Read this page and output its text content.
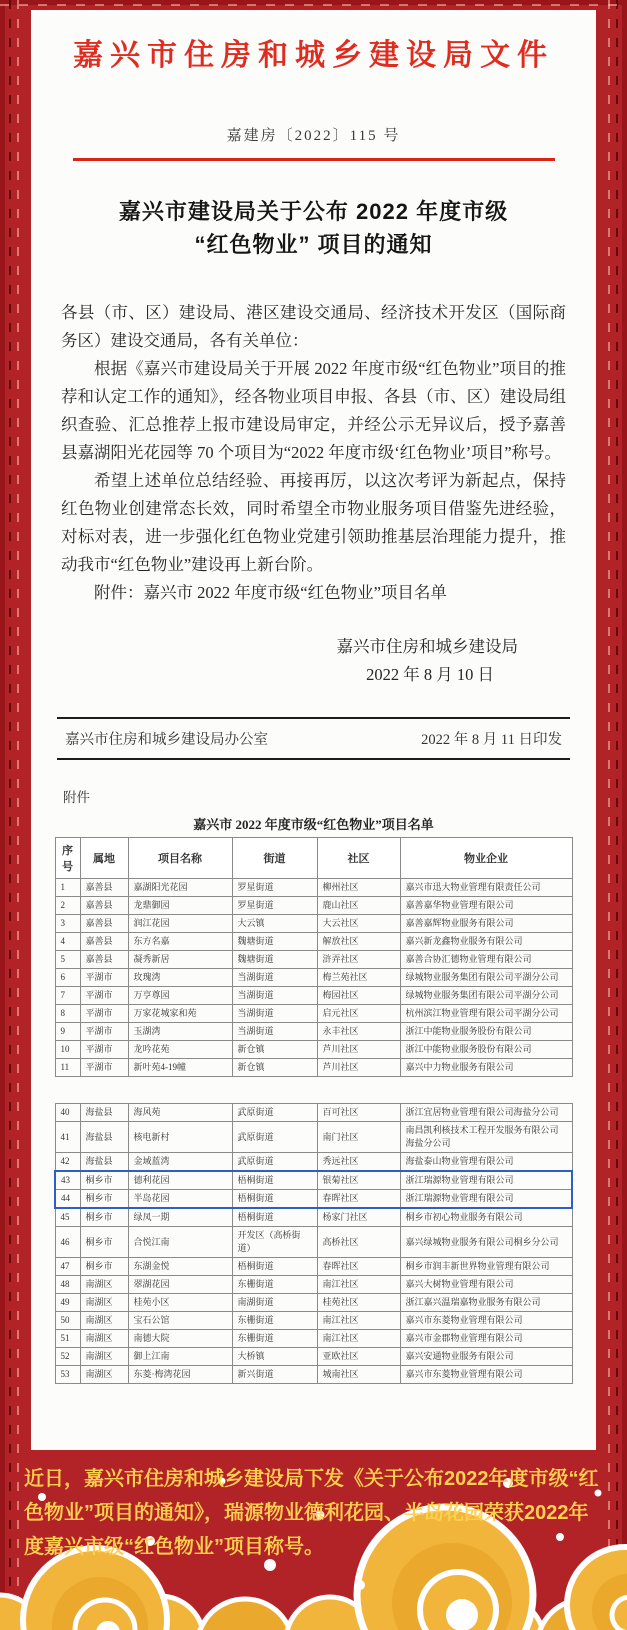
嘉兴市住房和城乡建设局文件
嘉建房〔2022〕115 号
嘉兴市建设局关于公布 2022 年度市级
“红色物业” 项目的通知

各县（市、区）建设局、港区建设交通局、经济技术开发区（国际商务区）建设交通局，各有关单位：

根据《嘉兴市建设局关于开展 2022 年度市级“红色物业”项目的推荐和认定工作的通知》，经各物业项目申报、各县（市、区）建设局组织查验、汇总推荐上报市建设局审定，并经公示无异议后，授予嘉善县嘉湖阳光花园等 70 个项目为“2022 年度市级‘红色物业’项目”称号。

希望上述单位总结经验、再接再厉，以这次考评为新起点，保持红色物业创建常态长效，同时希望全市物业服务项目借鉴先进经验，对标对表，进一步强化红色物业党建引领助推基层治理能力提升，推动我市“红色物业”建设再上新台阶。

附件：嘉兴市 2022 年度市级“红色物业”项目名单

嘉兴市住房和城乡建设局
2022 年 8 月 10 日
嘉兴市住房和城乡建设局办公室	2022 年 8 月 11 日印发
附件
嘉兴市 2022 年度市级“红色物业”项目名单
序号	属地	项目名称	街道	社区	物业企业
1	嘉善县	嘉湖阳光花园	罗星街道	柳州社区	嘉兴市迅大物业管理有限责任公司
2	嘉善县	龙鼎御园	罗星街道	鹿山社区	嘉善嘉华物业管理有限公司
3	嘉善县	润江花园	大云镇	大云社区	嘉善嘉辉物业服务有限公司
4	嘉善县	东方名嘉	魏塘街道	解放社区	嘉兴新龙鑫物业服务有限公司
5	嘉善县	凝秀新居	魏塘街道	浒弄社区	嘉善合协汇德物业管理有限公司
6	平湖市	玫瑰湾	当湖街道	梅兰苑社区	绿城物业服务集团有限公司平湖分公司
7	平湖市	万亨尊园	当湖街道	梅园社区	绿城物业服务集团有限公司平湖分公司
8	平湖市	万家花城家和苑	当湖街道	启元社区	杭州滨江物业管理有限公司平湖分公司
9	平湖市	玉湖湾	当湖街道	永丰社区	浙江中能物业服务股份有限公司
10	平湖市	龙吟花苑	新仓镇	芦川社区	浙江中能物业服务股份有限公司
11	平湖市	新叶苑4-19幢	新仓镇	芦川社区	嘉兴中力物业服务有限公司
40	海盐县	海风苑	武原街道	百可社区	浙江宜居物业管理有限公司海盐分公司
41	海盐县	核电新村	武原街道	南门社区	南昌凯利核技术工程开发服务有限公司海盐分公司
42	海盐县	金域蓝湾	武原街道	秀远社区	海盐泰山物业管理有限公司
43	桐乡市	德利花园	梧桐街道	银菊社区	浙江瑞源物业管理有限公司
44	桐乡市	半岛花园	梧桐街道	春晖社区	浙江瑞源物业管理有限公司
45	桐乡市	绿凤一期	梧桐街道	杨家门社区	桐乡市初心物业服务有限公司
46	桐乡市	合悦江南	开发区（高桥街道）	高桥社区	嘉兴绿城物业服务有限公司桐乡分公司
47	桐乡市	东湖金悦	梧桐街道	春晖社区	桐乡市润丰新世界物业管理有限公司
48	南湖区	翠湖花园	东栅街道	南江社区	嘉兴大树物业管理有限公司
49	南湖区	桂苑小区	南湖街道	桂苑社区	浙江嘉兴温瑞嘉物业服务有限公司
50	南湖区	宝石公馆	东栅街道	南江社区	嘉兴市东菱物业管理有限公司
51	南湖区	南德大院	东栅街道	南江社区	嘉兴市金郡物业管理有限公司
52	南湖区	御上江南	大桥镇	亚欧社区	嘉兴安通物业服务有限公司
53	南湖区	东菱·梅湾花园	新兴街道	城南社区	嘉兴市东菱物业管理有限公司
近日，嘉兴市住房和城乡建设局下发《关于公布2022年度市级“红色物业”项目的通知》，瑞源物业德利花园、半岛花园荣获2022年度嘉兴市级“红色物业”项目称号。
